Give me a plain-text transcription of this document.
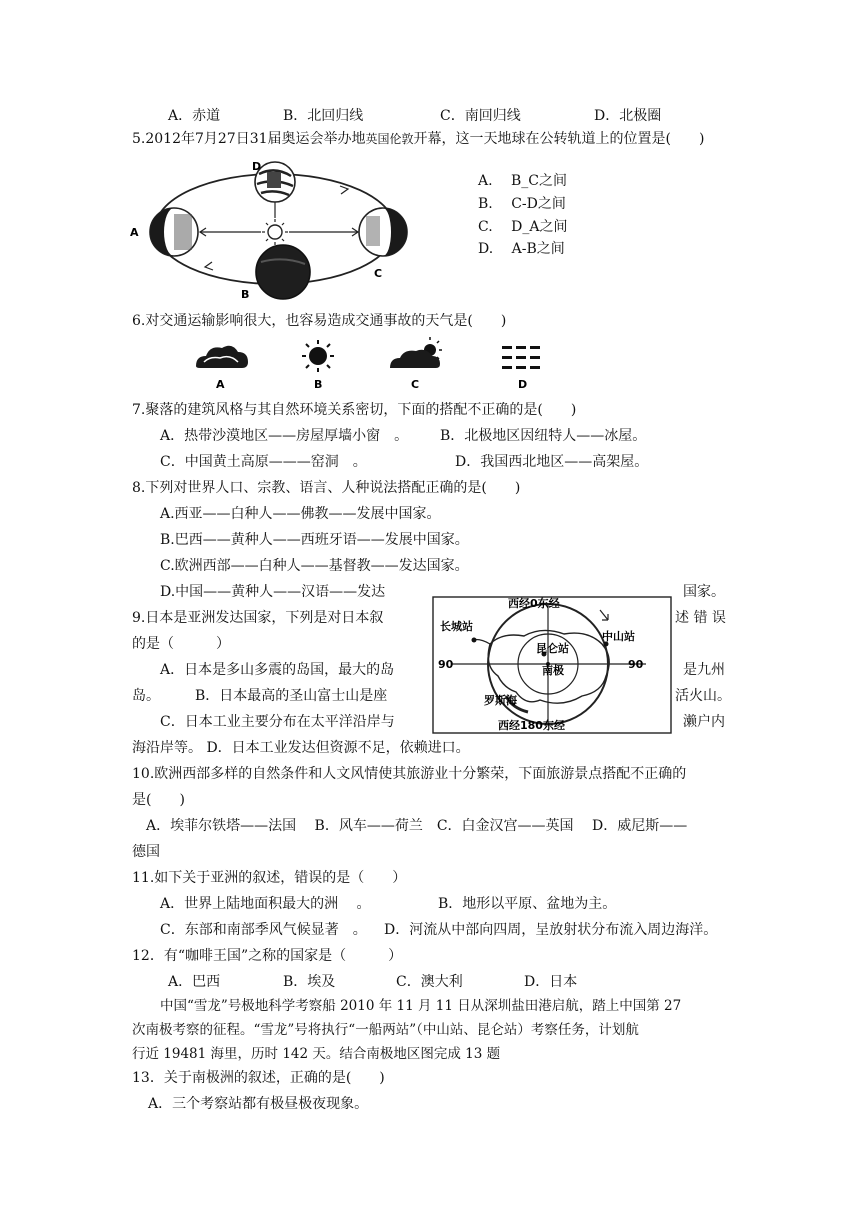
A．赤道	B．北回归线	C．南回归线	D．北极圈
5.2012年7月27日31届奥运会举办地英国伦敦开幕，这一天地球在公转轨道上的位置是(　　)
A
B
C
D
A.　 B_C之间
B.　 C-D之间
C.　 D_A之间
D.　 A-B之间
6.对交通运输影响很大，也容易造成交通事故的天气是(　　)
A	B	C	D
7.聚落的建筑风格与其自然环境关系密切，下面的搭配不正确的是(　　)
A．热带沙漠地区——房屋厚墙小窗　。 B．北极地区因纽特人——冰屋。
C．中国黄土高原———窑洞　。	D．我国西北地区——高架屋。
8.下列对世界人口、宗教、语言、人种说法搭配正确的是(　　)
A.西亚——白种人——佛教——发展中国家。
B.巴西——黄种人——西班牙语——发展中国家。
C.欧洲西部——白种人——基督教——发达国家。
D.中国——黄种人——汉语——发达	国家。
9.日本是亚洲发达国家，下列是对日本叙	述 错 误
的是（　　　）
A．日本是多山多震的岛国，最大的岛	是九州
岛。　　　B．日本最高的圣山富士山是座	活火山。
C．日本工业主要分布在太平洋沿岸与	濑户内
海沿岸等。 D．日本工业发达但资源不足，依赖进口。
西经0东经
西经180东经
90	90
长城站
中山站
昆仑站
南极
罗斯海
10.欧洲西部多样的自然条件和人文风情使其旅游业十分繁荣，下面旅游景点搭配不正确的
是(　　)
A．埃菲尔铁塔——法国　 B．风车——荷兰　C．白金汉宫——英国　 D．威尼斯——
德国
11.如下关于亚洲的叙述，错误的是（　　）
A．世界上陆地面积最大的洲　 。	B．地形以平原、盆地为主。
C．东部和南部季风气候显著　。 D．河流从中部向四周，呈放射状分布流入周边海洋。
12．有“咖啡王国”之称的国家是（　　　）
A．巴西	B．埃及	C．澳大利	D．日本
中国“雪龙”号极地科学考察船 2010 年 11 月 11 日从深圳盐田港启航，踏上中国第 27
次南极考察的征程。“雪龙”号将执行“一船两站”（中山站、昆仑站）考察任务，计划航
行近 19481 海里，历时 142 天。结合南极地区图完成 13 题
13．关于南极洲的叙述，正确的是(　　)
A．三个考察站都有极昼极夜现象。
